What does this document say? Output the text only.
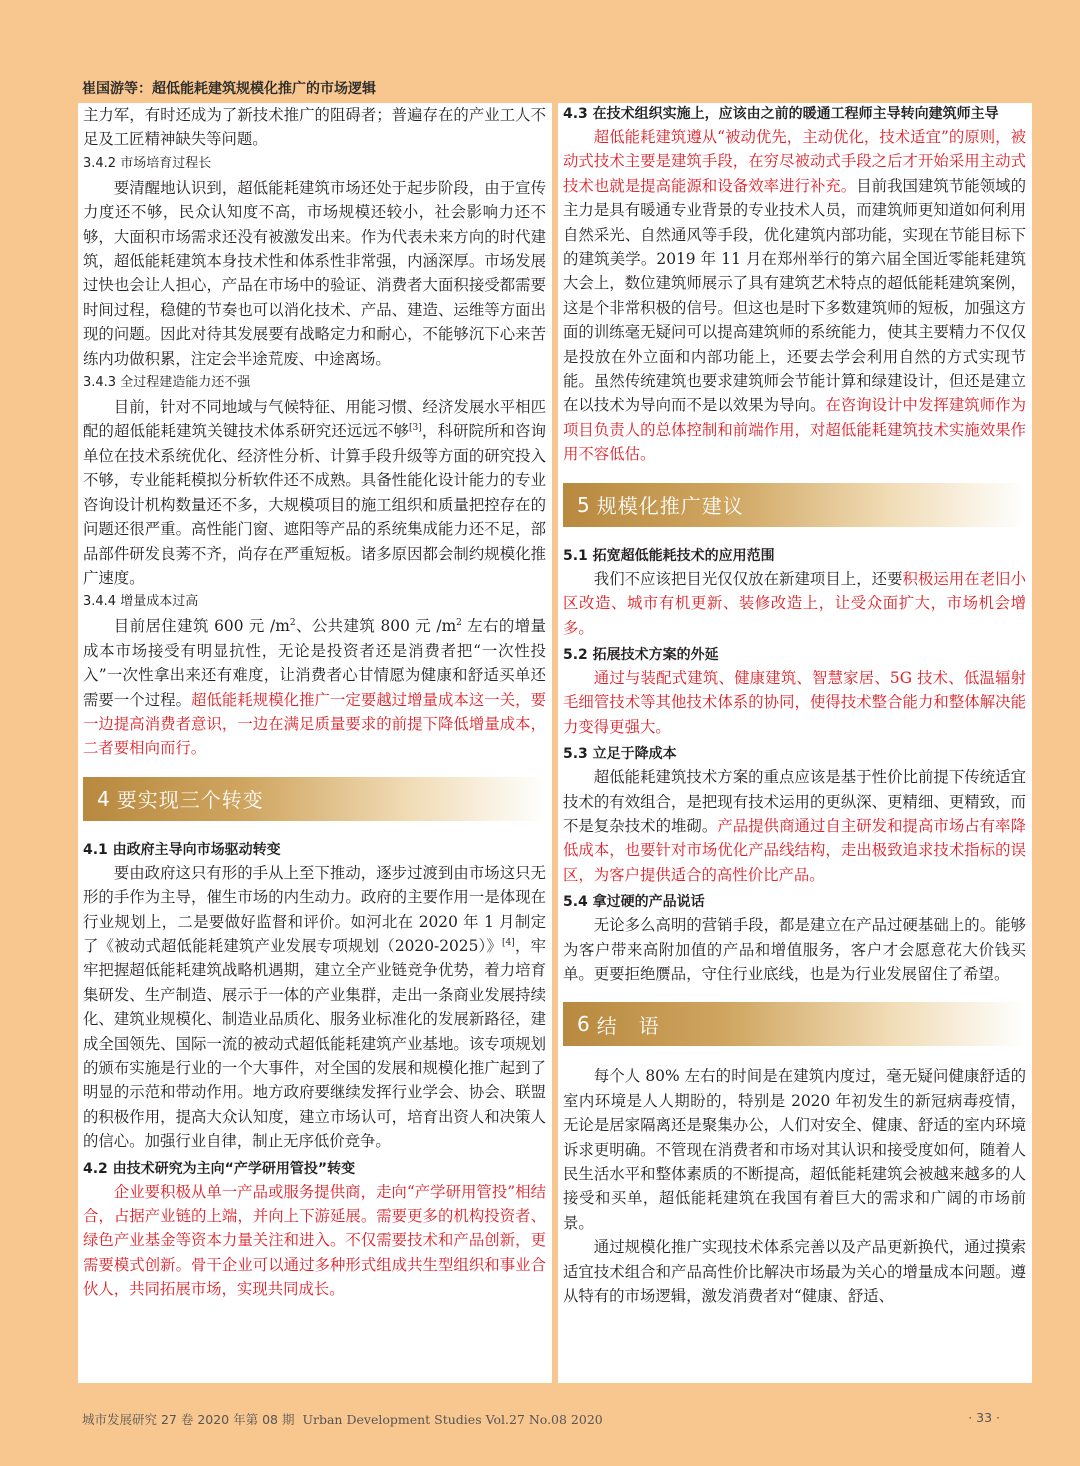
崔国游等：超低能耗建筑规模化推广的市场逻辑

主力军，有时还成为了新技术推广的阻碍者；普遍存在的产业工人不足及工匠精神缺失等问题。

3.4.2 市场培育过程长

要清醒地认识到，超低能耗建筑市场还处于起步阶段，由于宣传力度还不够，民众认知度不高，市场规模还较小，社会影响力还不够，大面积市场需求还没有被激发出来。作为代表未来方向的时代建筑，超低能耗建筑本身技术性和体系性非常强，内涵深厚。市场发展过快也会让人担心，产品在市场中的验证、消费者大面积接受都需要时间过程，稳健的节奏也可以消化技术、产品、建造、运维等方面出现的问题。因此对待其发展要有战略定力和耐心，不能够沉下心来苦练内功做积累，注定会半途荒废、中途离场。

3.4.3 全过程建造能力还不强

目前，针对不同地域与气候特征、用能习惯、经济发展水平相匹配的超低能耗建筑关键技术体系研究还远远不够[3]，科研院所和咨询单位在技术系统优化、经济性分析、计算手段升级等方面的研究投入不够，专业能耗模拟分析软件还不成熟。具备性能化设计能力的专业咨询设计机构数量还不多，大规模项目的施工组织和质量把控存在的问题还很严重。高性能门窗、遮阳等产品的系统集成能力还不足，部品部件研发良莠不齐，尚存在严重短板。诸多原因都会制约规模化推广速度。

3.4.4 增量成本过高

目前居住建筑 600 元 $/m^2$、公共建筑 800 元 $/m^2$ 左右的增量成本市场接受有明显抗性，无论是投资者还是消费者把“一次性投入”一次性拿出来还有难度，让消费者心甘情愿为健康和舒适买单还需要一个过程。超低能耗规模化推广一定要越过增量成本这一关，要一边提高消费者意识，一边在满足质量要求的前提下降低增量成本，二者要相向而行。

4 要实现三个转变
4.1 由政府主导向市场驱动转变

要由政府这只有形的手从上至下推动，逐步过渡到由市场这只无形的手作为主导，催生市场的内生动力。政府的主要作用一是体现在行业规划上，二是要做好监督和评价。如河北在 2020 年 1 月制定了《被动式超低能耗建筑产业发展专项规划（2020-2025）》[4]，牢牢把握超低能耗建筑战略机遇期，建立全产业链竞争优势，着力培育集研发、生产制造、展示于一体的产业集群，走出一条商业发展持续化、建筑业规模化、制造业品质化、服务业标准化的发展新路径，建成全国领先、国际一流的被动式超低能耗建筑产业基地。该专项规划的颁布实施是行业的一个大事件，对全国的发展和规模化推广起到了明显的示范和带动作用。地方政府要继续发挥行业学会、协会、联盟的积极作用，提高大众认知度，建立市场认可，培育出资人和决策人的信心。加强行业自律，制止无序低价竞争。

4.2 由技术研究为主向“产学研用管投”转变

企业要积极从单一产品或服务提供商，走向“产学研用管投”相结合，占据产业链的上端，并向上下游延展。需要更多的机构投资者、绿色产业基金等资本力量关注和进入。不仅需要技术和产品创新，更需要模式创新。骨干企业可以通过多种形式组成共生型组织和事业合伙人，共同拓展市场，实现共同成长。

4.3 在技术组织实施上，应该由之前的暖通工程师主导转向建筑师主导

超低能耗建筑遵从“被动优先，主动优化，技术适宜”的原则，被动式技术主要是建筑手段，在穷尽被动式手段之后才开始采用主动式技术也就是提高能源和设备效率进行补充。目前我国建筑节能领域的主力是具有暖通专业背景的专业技术人员，而建筑师更知道如何利用自然采光、自然通风等手段，优化建筑内部功能，实现在节能目标下的建筑美学。2019 年 11 月在郑州举行的第六届全国近零能耗建筑大会上，数位建筑师展示了具有建筑艺术特点的超低能耗建筑案例，这是个非常积极的信号。但这也是时下多数建筑师的短板，加强这方面的训练毫无疑问可以提高建筑师的系统能力，使其主要精力不仅仅是投放在外立面和内部功能上，还要去学会利用自然的方式实现节能。虽然传统建筑也要求建筑师会节能计算和绿建设计，但还是建立在以技术为导向而不是以效果为导向。在咨询设计中发挥建筑师作为项目负责人的总体控制和前端作用，对超低能耗建筑技术实施效果作用不容低估。

5 规模化推广建议
5.1 拓宽超低能耗技术的应用范围

我们不应该把目光仅仅放在新建项目上，还要积极运用在老旧小区改造、城市有机更新、装修改造上，让受众面扩大，市场机会增多。

5.2 拓展技术方案的外延

通过与装配式建筑、健康建筑、智慧家居、5G 技术、低温辐射毛细管技术等其他技术体系的协同，使得技术整合能力和整体解决能力变得更强大。

5.3 立足于降成本

超低能耗建筑技术方案的重点应该是基于性价比前提下传统适宜技术的有效组合，是把现有技术运用的更纵深、更精细、更精致，而不是复杂技术的堆砌。产品提供商通过自主研发和提高市场占有率降低成本，也要针对市场优化产品线结构，走出极致追求技术指标的误区，为客户提供适合的高性价比产品。

5.4 拿过硬的产品说话

无论多么高明的营销手段，都是建立在产品过硬基础上的。能够为客户带来高附加值的产品和增值服务，客户才会愿意花大价钱买单。更要拒绝赝品，守住行业底线，也是为行业发展留住了希望。

6 结　语

每个人 80% 左右的时间是在建筑内度过，毫无疑问健康舒适的室内环境是人人期盼的，特别是 2020 年初发生的新冠病毒疫情，无论是居家隔离还是聚集办公，人们对安全、健康、舒适的室内环境诉求更明确。不管现在消费者和市场对其认识和接受度如何，随着人民生活水平和整体素质的不断提高，超低能耗建筑会被越来越多的人接受和买单，超低能耗建筑在我国有着巨大的需求和广阔的市场前景。

通过规模化推广实现技术体系完善以及产品更新换代，通过摸索适宜技术组合和产品高性价比解决市场最为关心的增量成本问题。遵从特有的市场逻辑，激发消费者对“健康、舒适、

城市发展研究 27 卷 2020 年第 08 期 Urban Development Studies Vol.27 No.08 2020	· 33 ·
